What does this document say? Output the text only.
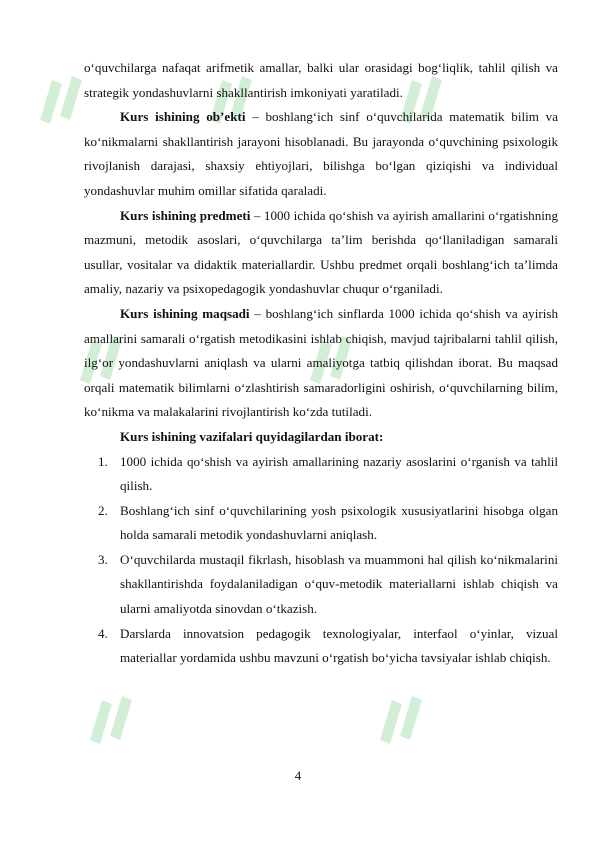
o‘quvchilarga nafaqat arifmetik amallar, balki ular orasidagi bog‘liqlik, tahlil qilish va strategik yondashuvlarni shakllantirish imkoniyati yaratiladi.

Kurs ishining ob’ekti – boshlang‘ich sinf o‘quvchilarida matematik bilim va ko‘nikmalarni shakllantirish jarayoni hisoblanadi. Bu jarayonda o‘quvchining psixologik rivojlanish darajasi, shaxsiy ehtiyojlari, bilishga bo‘lgan qiziqishi va individual yondashuvlar muhim omillar sifatida qaraladi.

Kurs ishining predmeti – 1000 ichida qo‘shish va ayirish amallarini o‘rgatishning mazmuni, metodik asoslari, o‘quvchilarga ta’lim berishda qo‘llaniladigan samarali usullar, vositalar va didaktik materiallardir. Ushbu predmet orqali boshlang‘ich ta’limda amaliy, nazariy va psixopedagogik yondashuvlar chuqur o‘rganiladi.

Kurs ishining maqsadi – boshlang‘ich sinflarda 1000 ichida qo‘shish va ayirish amallarini samarali o‘rgatish metodikasini ishlab chiqish, mavjud tajribalarni tahlil qilish, ilg‘or yondashuvlarni aniqlash va ularni amaliyotga tatbiq qilishdan iborat. Bu maqsad orqali matematik bilimlarni o‘zlashtirish samaradorligini oshirish, o‘quvchilarning bilim, ko‘nikma va malakalarini rivojlantirish ko‘zda tutiladi.

Kurs ishining vazifalari quyidagilardan iborat:

1. 1000 ichida qo‘shish va ayirish amallarining nazariy asoslarini o‘rganish va tahlil qilish.
2. Boshlang‘ich sinf o‘quvchilarining yosh psixologik xususiyatlarini hisobga olgan holda samarali metodik yondashuvlarni aniqlash.
3. O‘quvchilarda mustaqil fikrlash, hisoblash va muammoni hal qilish ko‘nikmalarini shakllantirishda foydalaniladigan o‘quv-metodik materiallarni ishlab chiqish va ularni amaliyotda sinovdan o‘tkazish.
4. Darslarda innovatsion pedagogik texnologiyalar, interfaol o‘yinlar, vizual materiallar yordamida ushbu mavzuni o‘rgatish bo‘yicha tavsiyalar ishlab chiqish.
4
